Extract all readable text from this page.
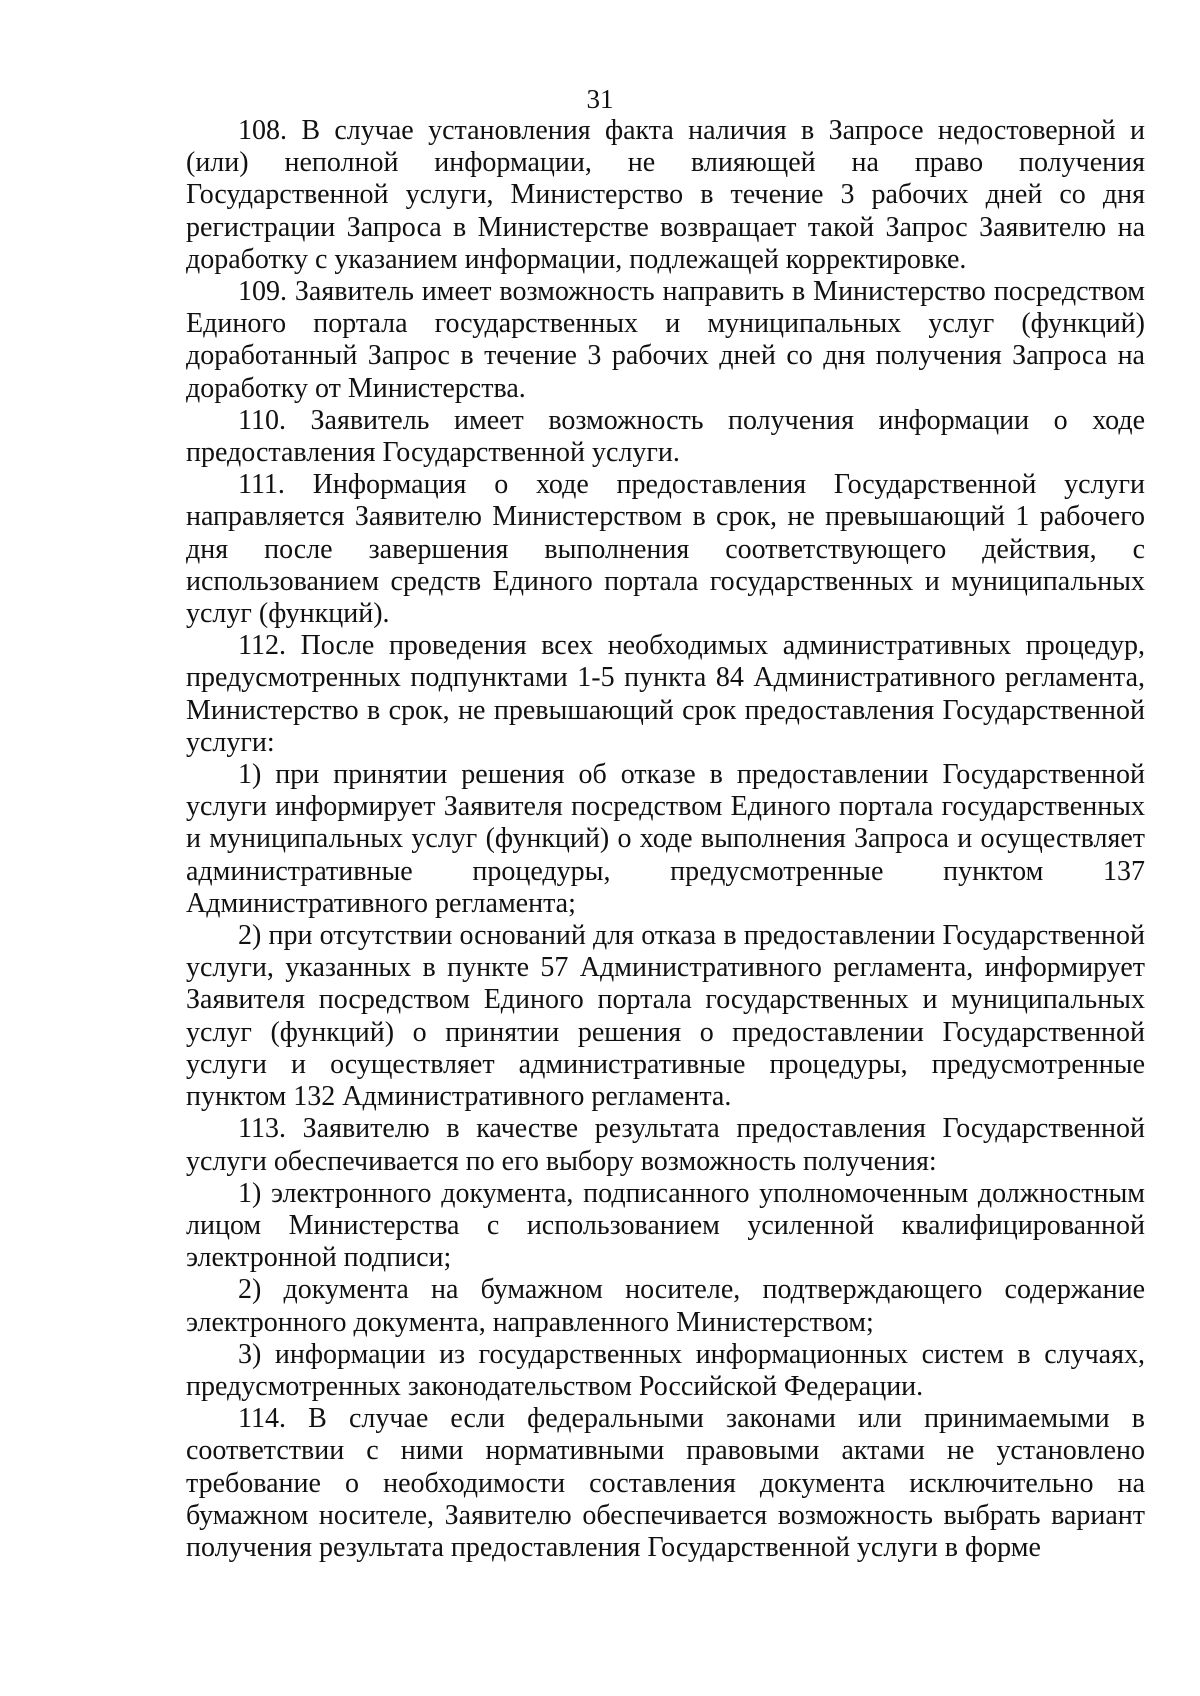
31

108. В случае установления факта наличия в Запросе недостоверной и (или) неполной информации, не влияющей на право получения Государственной услуги, Министерство в течение 3 рабочих дней со дня регистрации Запроса в Министерстве возвращает такой Запрос Заявителю на доработку с указанием информации, подлежащей корректировке.

109. Заявитель имеет возможность направить в Министерство посредством Единого портала государственных и муниципальных услуг (функций) доработанный Запрос в течение 3 рабочих дней со дня получения Запроса на доработку от Министерства.

110. Заявитель имеет возможность получения информации о ходе предоставления Государственной услуги.

111. Информация о ходе предоставления Государственной услуги направляется Заявителю Министерством в срок, не превышающий 1 рабочего дня после завершения выполнения соответствующего действия, с использованием средств Единого портала государственных и муниципальных услуг (функций).

112. После проведения всех необходимых административных процедур, предусмотренных подпунктами 1-5 пункта 84 Административного регламента, Министерство в срок, не превышающий срок предоставления Государственной услуги:

1) при принятии решения об отказе в предоставлении Государственной услуги информирует Заявителя посредством Единого портала государственных и муниципальных услуг (функций) о ходе выполнения Запроса и осуществляет административные процедуры, предусмотренные пунктом 137 Административного регламента;

2) при отсутствии оснований для отказа в предоставлении Государственной услуги, указанных в пункте 57 Административного регламента, информирует Заявителя посредством Единого портала государственных и муниципальных услуг (функций) о принятии решения о предоставлении Государственной услуги и осуществляет административные процедуры, предусмотренные пунктом 132 Административного регламента.

113. Заявителю в качестве результата предоставления Государственной услуги обеспечивается по его выбору возможность получения:

1) электронного документа, подписанного уполномоченным должностным лицом Министерства с использованием усиленной квалифицированной электронной подписи;

2) документа на бумажном носителе, подтверждающего содержание электронного документа, направленного Министерством;

3) информации из государственных информационных систем в случаях, предусмотренных законодательством Российской Федерации.

114. В случае если федеральными законами или принимаемыми в соответствии с ними нормативными правовыми актами не установлено требование о необходимости составления документа исключительно на бумажном носителе, Заявителю обеспечивается возможность выбрать вариант получения результата предоставления Государственной услуги в форме
